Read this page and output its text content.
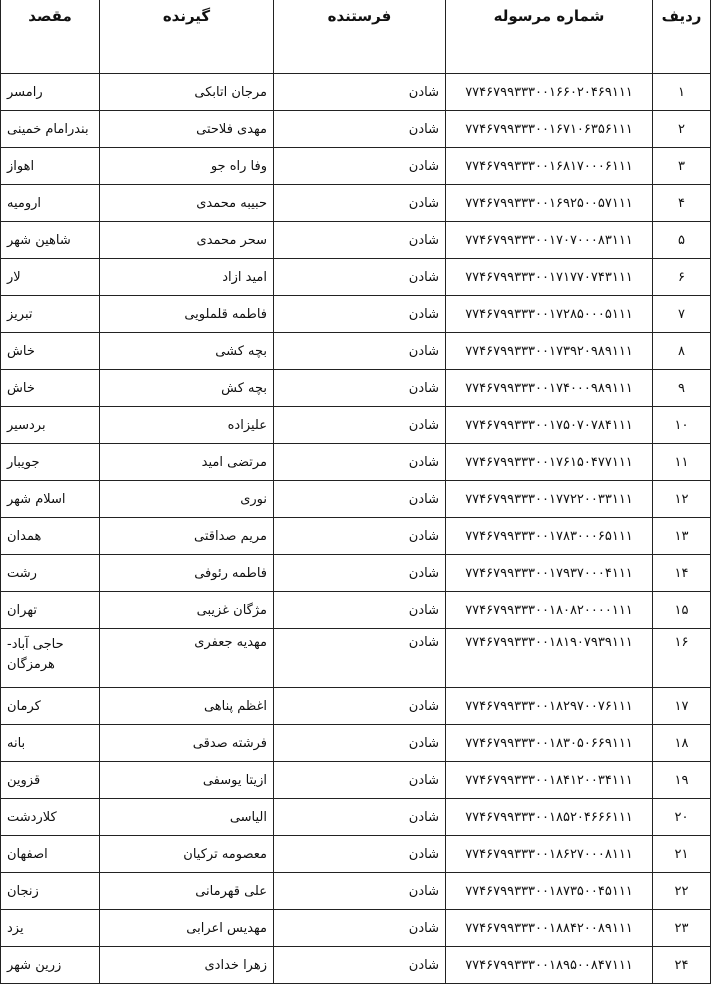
ردیف	شماره مرسوله	فرستنده	گیرنده	مقصد
۱	۷۷۴۶۷۹۹۳۳۳۰۰۱۶۶۰۲۰۴۶۹۱۱۱	شادن	مرجان اتابکی	رامسر
۲	۷۷۴۶۷۹۹۳۳۳۰۰۱۶۷۱۰۶۳۵۶۱۱۱	شادن	مهدی فلاحتی	بندرامام خمینی
۳	۷۷۴۶۷۹۹۳۳۳۰۰۱۶۸۱۷۰۰۰۶۱۱۱	شادن	وفا راه جو	اهواز
۴	۷۷۴۶۷۹۹۳۳۳۰۰۱۶۹۲۵۰۰۵۷۱۱۱	شادن	حبیبه محمدی	ارومیه
۵	۷۷۴۶۷۹۹۳۳۳۰۰۱۷۰۷۰۰۰۸۳۱۱۱	شادن	سحر محمدی	شاهین شهر
۶	۷۷۴۶۷۹۹۳۳۳۰۰۱۷۱۷۷۰۷۴۳۱۱۱	شادن	امید ازاد	لار
۷	۷۷۴۶۷۹۹۳۳۳۰۰۱۷۲۸۵۰۰۰۵۱۱۱	شادن	فاطمه قلملویی	تبریز
۸	۷۷۴۶۷۹۹۳۳۳۰۰۱۷۳۹۲۰۹۸۹۱۱۱	شادن	بچه کشی	خاش
۹	۷۷۴۶۷۹۹۳۳۳۰۰۱۷۴۰۰۰۹۸۹۱۱۱	شادن	بچه کش	خاش
۱۰	۷۷۴۶۷۹۹۳۳۳۰۰۱۷۵۰۷۰۷۸۴۱۱۱	شادن	علیزاده	بردسیر
۱۱	۷۷۴۶۷۹۹۳۳۳۰۰۱۷۶۱۵۰۴۷۷۱۱۱	شادن	مرتضی امید	جویبار
۱۲	۷۷۴۶۷۹۹۳۳۳۰۰۱۷۷۲۲۰۰۳۳۱۱۱	شادن	نوری	اسلام شهر
۱۳	۷۷۴۶۷۹۹۳۳۳۰۰۱۷۸۳۰۰۰۶۵۱۱۱	شادن	مریم صداقتی	همدان
۱۴	۷۷۴۶۷۹۹۳۳۳۰۰۱۷۹۳۷۰۰۰۴۱۱۱	شادن	فاطمه رئوفی	رشت
۱۵	۷۷۴۶۷۹۹۳۳۳۰۰۱۸۰۸۲۰۰۰۰۱۱۱	شادن	مژگان غزیبی	تهران
۱۶	۷۷۴۶۷۹۹۳۳۳۰۰۱۸۱۹۰۷۹۳۹۱۱۱	شادن	مهدیه جعفری	حاجی آباد-هرمزگان
۱۷	۷۷۴۶۷۹۹۳۳۳۰۰۱۸۲۹۷۰۰۷۶۱۱۱	شادن	اغظم پناهی	کرمان
۱۸	۷۷۴۶۷۹۹۳۳۳۰۰۱۸۳۰۵۰۶۶۹۱۱۱	شادن	فرشته صدقی	بانه
۱۹	۷۷۴۶۷۹۹۳۳۳۰۰۱۸۴۱۲۰۰۳۴۱۱۱	شادن	ازیتا یوسفی	قزوین
۲۰	۷۷۴۶۷۹۹۳۳۳۰۰۱۸۵۲۰۴۶۶۶۱۱۱	شادن	الیاسی	کلاردشت
۲۱	۷۷۴۶۷۹۹۳۳۳۰۰۱۸۶۲۷۰۰۰۸۱۱۱	شادن	معصومه ترکیان	اصفهان
۲۲	۷۷۴۶۷۹۹۳۳۳۰۰۱۸۷۳۵۰۰۴۵۱۱۱	شادن	علی قهرمانی	زنجان
۲۳	۷۷۴۶۷۹۹۳۳۳۰۰۱۸۸۴۲۰۰۸۹۱۱۱	شادن	مهدیس اعرابی	یزد
۲۴	۷۷۴۶۷۹۹۳۳۳۰۰۱۸۹۵۰۰۸۴۷۱۱۱	شادن	زهرا خدادی	زرین شهر
